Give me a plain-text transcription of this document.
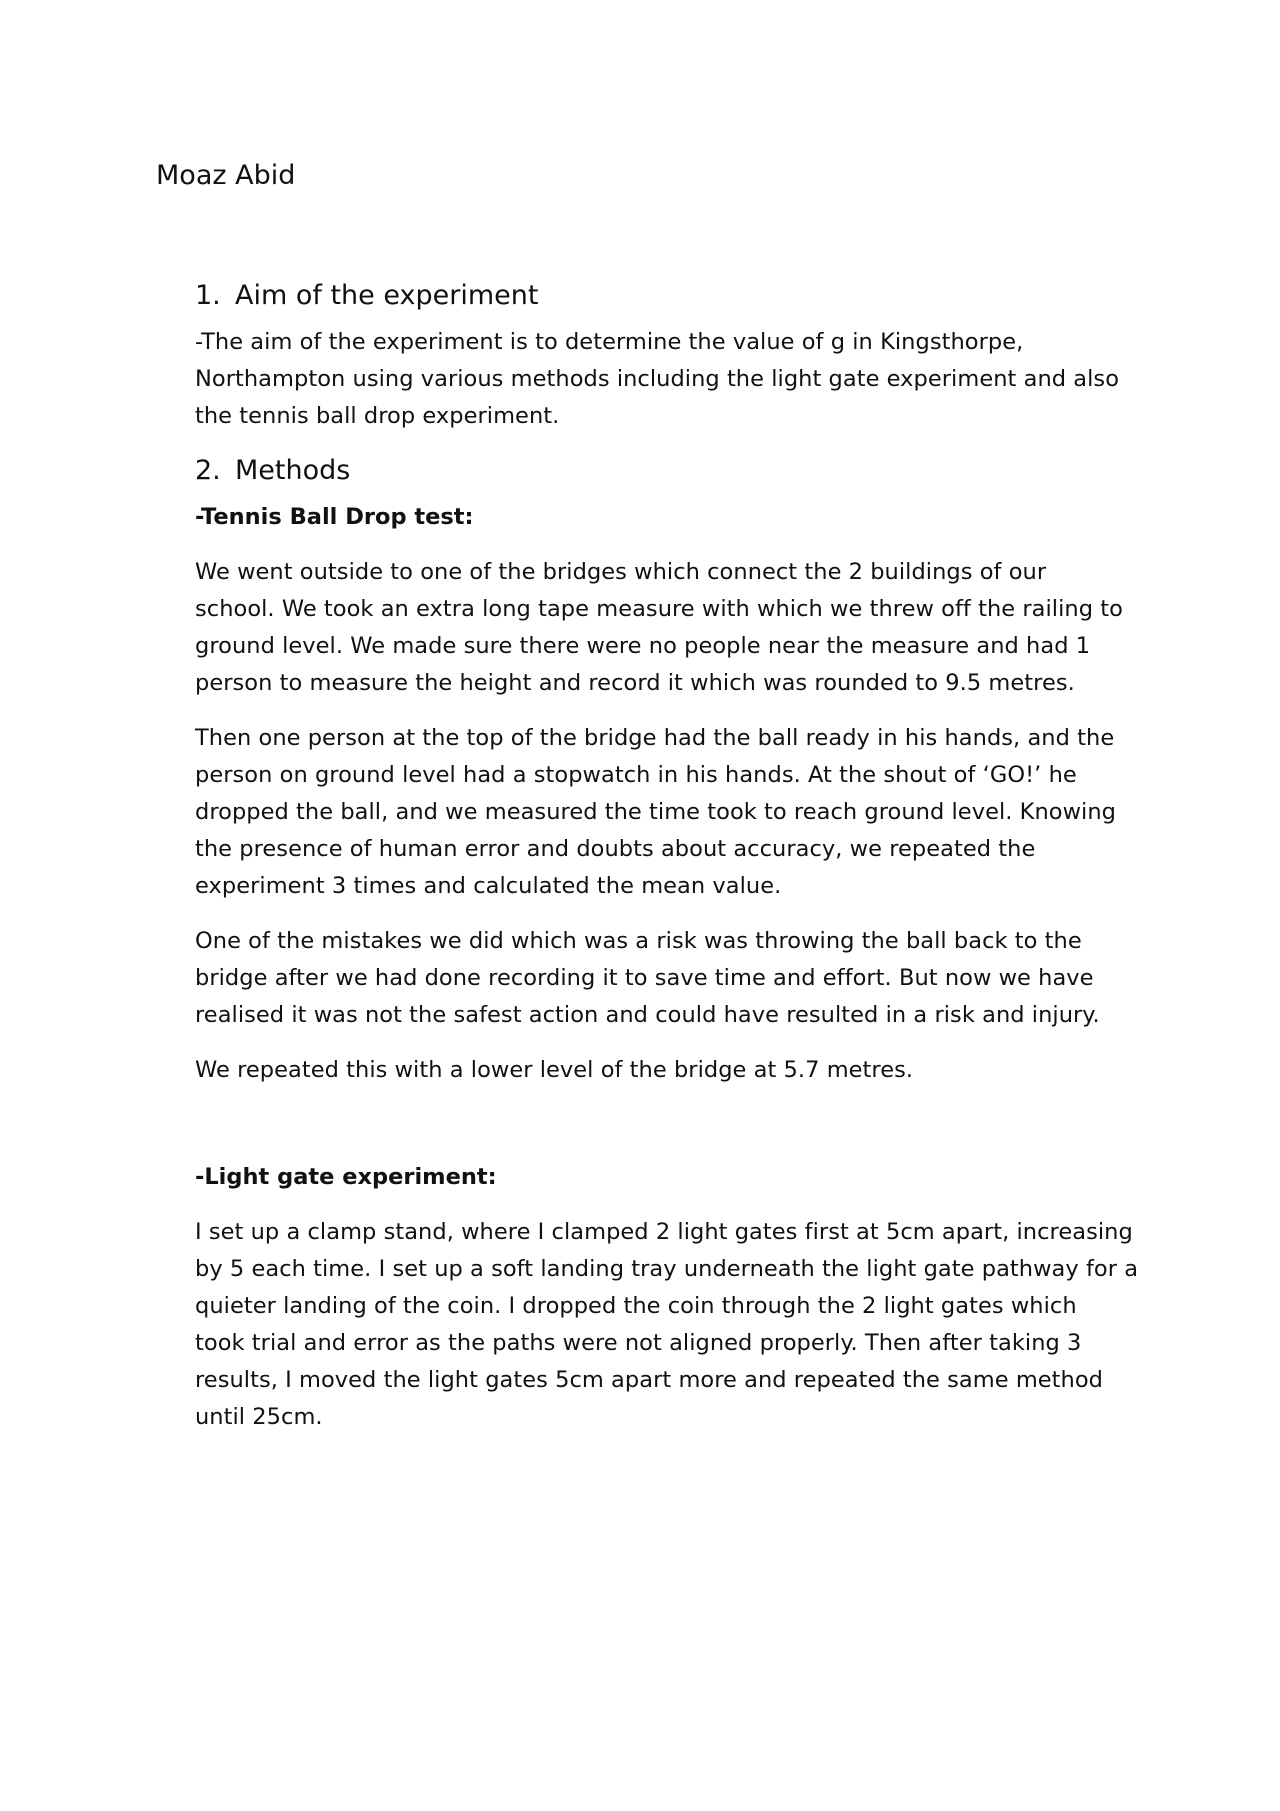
Moaz Abid
1. Aim of the experiment
-The aim of the experiment is to determine the value of g in Kingsthorpe,
Northampton using various methods including the light gate experiment and also
the tennis ball drop experiment.
2. Methods
-Tennis Ball Drop test:
We went outside to one of the bridges which connect the 2 buildings of our
school. We took an extra long tape measure with which we threw off the railing to
ground level. We made sure there were no people near the measure and had 1
person to measure the height and record it which was rounded to 9.5 metres.
Then one person at the top of the bridge had the ball ready in his hands, and the
person on ground level had a stopwatch in his hands. At the shout of ‘GO!’ he
dropped the ball, and we measured the time took to reach ground level. Knowing
the presence of human error and doubts about accuracy, we repeated the
experiment 3 times and calculated the mean value.
One of the mistakes we did which was a risk was throwing the ball back to the
bridge after we had done recording it to save time and effort. But now we have
realised it was not the safest action and could have resulted in a risk and injury.
We repeated this with a lower level of the bridge at 5.7 metres.
-Light gate experiment:
I set up a clamp stand, where I clamped 2 light gates first at 5cm apart, increasing
by 5 each time. I set up a soft landing tray underneath the light gate pathway for a
quieter landing of the coin. I dropped the coin through the 2 light gates which
took trial and error as the paths were not aligned properly. Then after taking 3
results, I moved the light gates 5cm apart more and repeated the same method
until 25cm.
